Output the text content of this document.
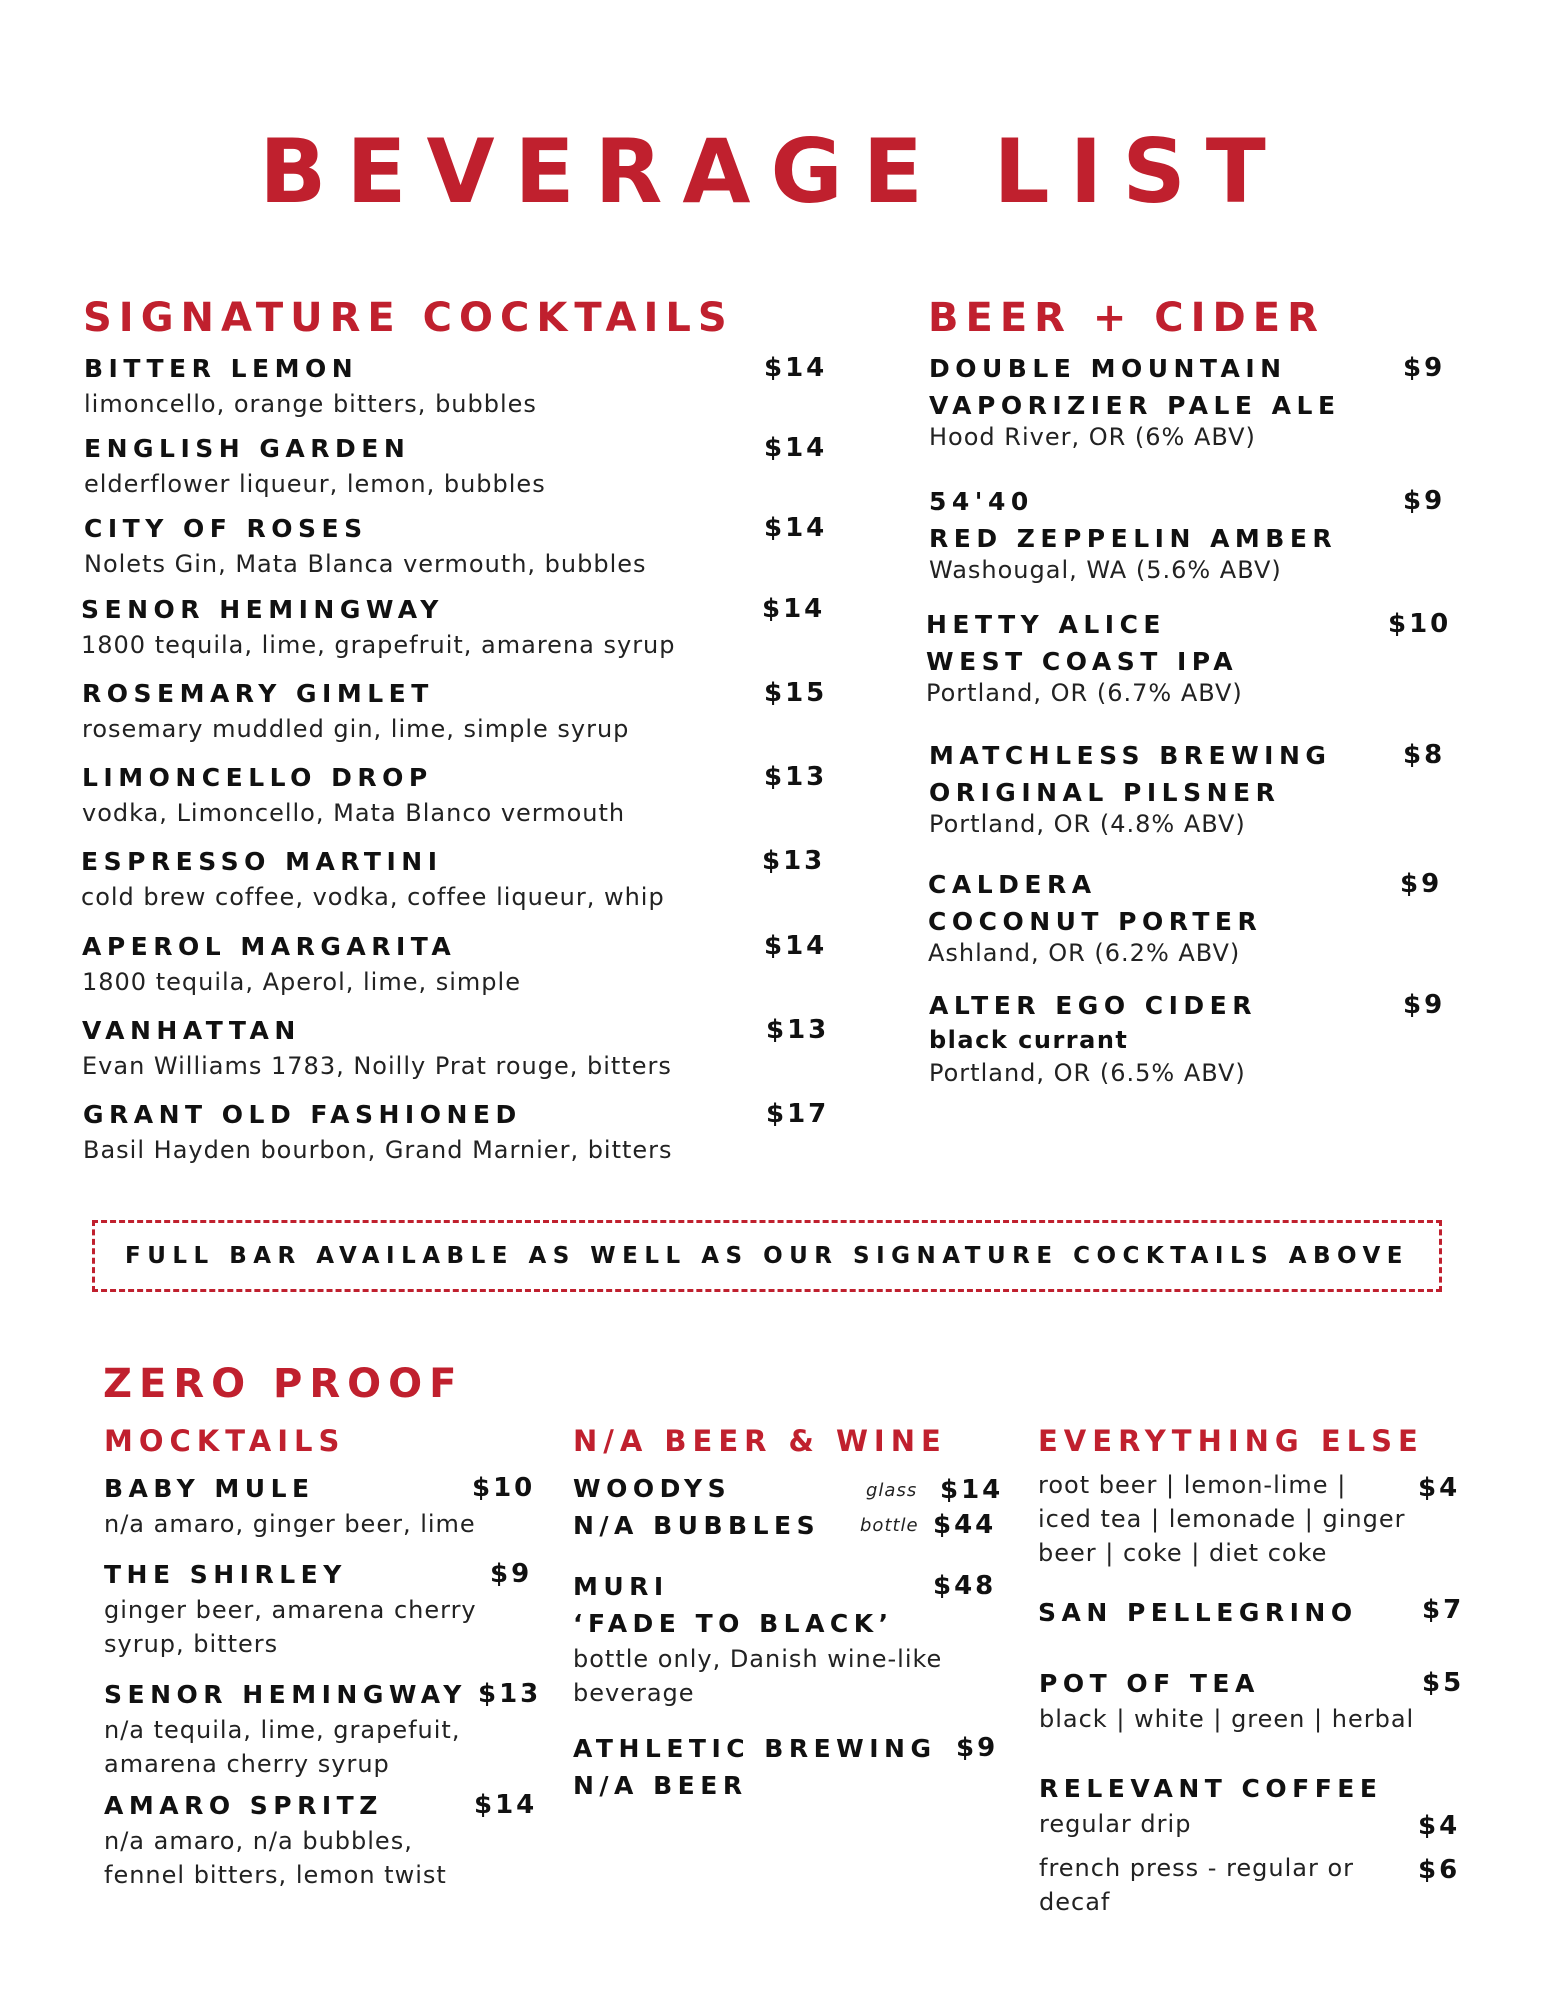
BEVERAGE LIST
SIGNATURE COCKTAILS
BITTER LEMON
limoncello, orange bitters, bubbles
$14
ENGLISH GARDEN
elderflower liqueur, lemon, bubbles
$14
CITY OF ROSES
Nolets Gin, Mata Blanca vermouth, bubbles
$14
SENOR HEMINGWAY
1800 tequila, lime, grapefruit, amarena syrup
$14
ROSEMARY GIMLET
rosemary muddled gin, lime, simple syrup
$15
LIMONCELLO DROP
vodka, Limoncello, Mata Blanco vermouth
$13
ESPRESSO MARTINI
cold brew coffee, vodka, coffee liqueur, whip
$13
APEROL MARGARITA
1800 tequila, Aperol, lime, simple
$14
VANHATTAN
Evan Williams 1783, Noilly Prat rouge, bitters
$13
GRANT OLD FASHIONED
Basil Hayden bourbon, Grand Marnier, bitters
$17
BEER + CIDER
DOUBLE MOUNTAIN
VAPORIZIER PALE ALE
Hood River, OR (6% ABV)
$9
54'40
RED ZEPPELIN AMBER
Washougal, WA (5.6% ABV)
$9
HETTY ALICE
WEST COAST IPA
Portland, OR (6.7% ABV)
$10
MATCHLESS BREWING
ORIGINAL PILSNER
Portland, OR (4.8% ABV)
$8
CALDERA
COCONUT PORTER
Ashland, OR (6.2% ABV)
$9
ALTER EGO CIDER
black currant
Portland, OR (6.5% ABV)
$9
FULL BAR AVAILABLE AS WELL AS OUR SIGNATURE COCKTAILS ABOVE
ZERO PROOF
MOCKTAILS
BABY MULE
n/a amaro, ginger beer, lime
$10
THE SHIRLEY
ginger beer, amarena cherry
syrup, bitters
$9
SENOR HEMINGWAY
n/a tequila, lime, grapefuit,
amarena cherry syrup
$13
AMARO SPRITZ
n/a amaro, n/a bubbles,
fennel bitters, lemon twist
$14
N/A BEER & WINE
WOODYS
N/A BUBBLES
glass
bottle
$14
$44
MURI
‘FADE TO BLACK’
bottle only, Danish wine-like
beverage
$48
ATHLETIC BREWING
N/A BEER
$9
EVERYTHING ELSE
root beer | lemon-lime |
iced tea | lemonade | ginger
beer | coke | diet coke
$4
SAN PELLEGRINO $7
POT OF TEA
black | white | green | herbal
$5
RELEVANT COFFEE
regular drip
french press - regular or
decaf
$4
$6
